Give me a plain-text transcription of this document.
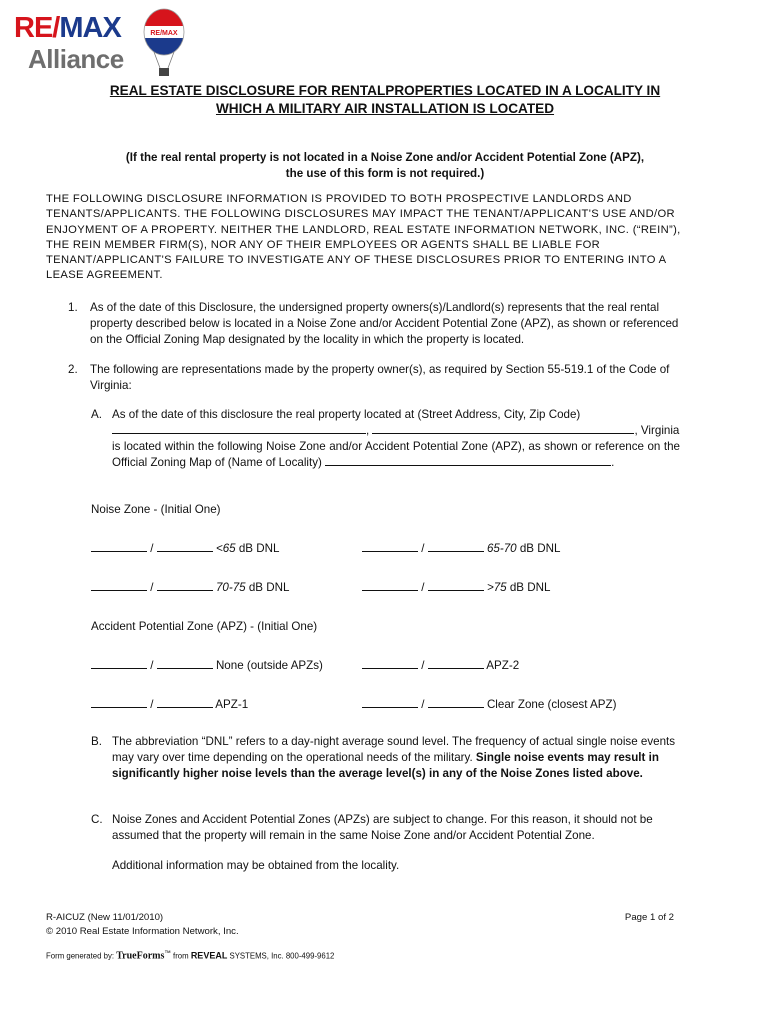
RE/MAX
Alliance
RE/MAX
REAL ESTATE DISCLOSURE FOR RENTALPROPERTIES LOCATED IN A LOCALITY IN
WHICH A MILITARY AIR INSTALLATION IS LOCATED
(If the real rental property is not located in a Noise Zone and/or Accident Potential Zone (APZ),
the use of this form is not required.)
THE FOLLOWING DISCLOSURE INFORMATION IS PROVIDED TO BOTH PROSPECTIVE LANDLORDS AND TENANTS/APPLICANTS. THE FOLLOWING DISCLOSURES MAY IMPACT THE TENANT/APPLICANT'S USE AND/OR ENJOYMENT OF A PROPERTY. NEITHER THE LANDLORD, REAL ESTATE INFORMATION NETWORK, INC. (“REIN”), THE REIN MEMBER FIRM(S), NOR ANY OF THEIR EMPLOYEES OR AGENTS SHALL BE LIABLE FOR TENANT/APPLICANT'S FAILURE TO INVESTIGATE ANY OF THESE DISCLOSURES PRIOR TO ENTERING INTO A LEASE AGREEMENT.
1. As of the date of this Disclosure, the undersigned property owners(s)/Landlord(s) represents that the real rental property described below is located in a Noise Zone and/or Accident Potential Zone (APZ), as shown or referenced on the Official Zoning Map designated by the locality in which the property is located.
2. The following are representations made by the property owner(s), as required by Section 55-519.1 of the Code of Virginia:
A. As of the date of this disclosure the real property located at (Street Address, City, Zip Code)
,	, Virginia
is located within the following Noise Zone and/or Accident Potential Zone (APZ), as shown or reference on the Official Zoning Map of (Name of Locality)	.
Noise Zone - (Initial One)
/	<65 dB DNL	/	65-70 dB DNL
/	70-75 dB DNL	/	>75 dB DNL
Accident Potential Zone (APZ) - (Initial One)
/	None (outside APZs)	/	APZ-2
/	APZ-1	/	Clear Zone (closest APZ)
B. The abbreviation “DNL” refers to a day-night average sound level. The frequency of actual single noise events may vary over time depending on the operational needs of the military. Single noise events may result in significantly higher noise levels than the average level(s) in any of the Noise Zones listed above.
C. Noise Zones and Accident Potential Zones (APZs) are subject to change. For this reason, it should not be assumed that the property will remain in the same Noise Zone and/or Accident Potential Zone.
Additional information may be obtained from the locality.
R-AICUZ (New 11/01/2010)
© 2010 Real Estate Information Network, Inc.
Page 1 of 2
Form generated by: TrueForms™ from REVEAL SYSTEMS, Inc. 800-499-9612
